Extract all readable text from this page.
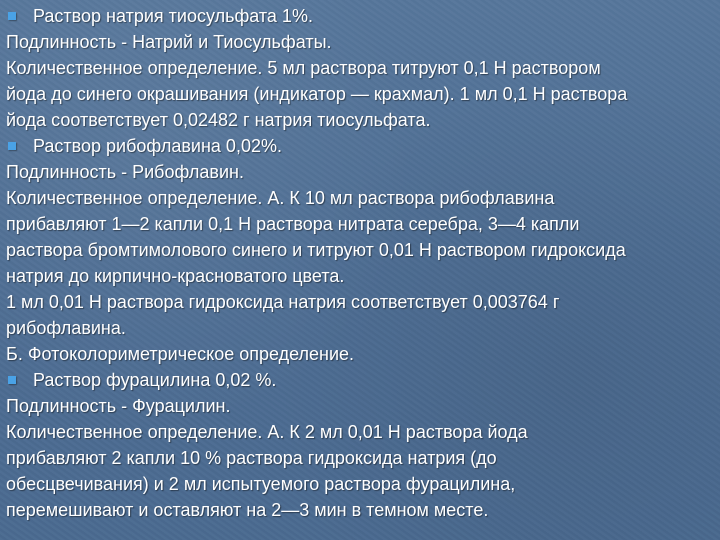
Раствор натрия тиосульфата 1%.
Подлинность - Натрий и Тиосульфаты.
Количественное определение. 5 мл раствора титруют 0,1 Н раствором
йода до синего окрашивания (индикатор — крахмал). 1 мл 0,1 Н раствора
йода соответствует 0,02482 г натрия тиосульфата.
Раствор рибофлавина 0,02%.
Подлинность - Рибофлавин.
Количественное определение. А. К 10 мл раствора рибофлавина
прибавляют 1—2 капли 0,1 Н раствора нитрата серебра, 3—4 капли
раствора бромтимолового синего и титруют 0,01 Н раствором гидроксида
натрия до кирпично-красноватого цвета.
1 мл 0,01 Н раствора гидроксида натрия соответствует 0,003764 г
рибофлавина.
Б. Фотоколориметрическое определение.
Раствор фурацилина 0,02 %.
Подлинность - Фурацилин.
Количественное определение. А. К 2 мл 0,01 Н раствора йода
прибавляют 2 капли 10 % раствора гидроксида натрия (до
обесцвечивания) и 2 мл испытуемого раствора фурацилина,
перемешивают и оставляют на 2—3 мин в темном месте.
